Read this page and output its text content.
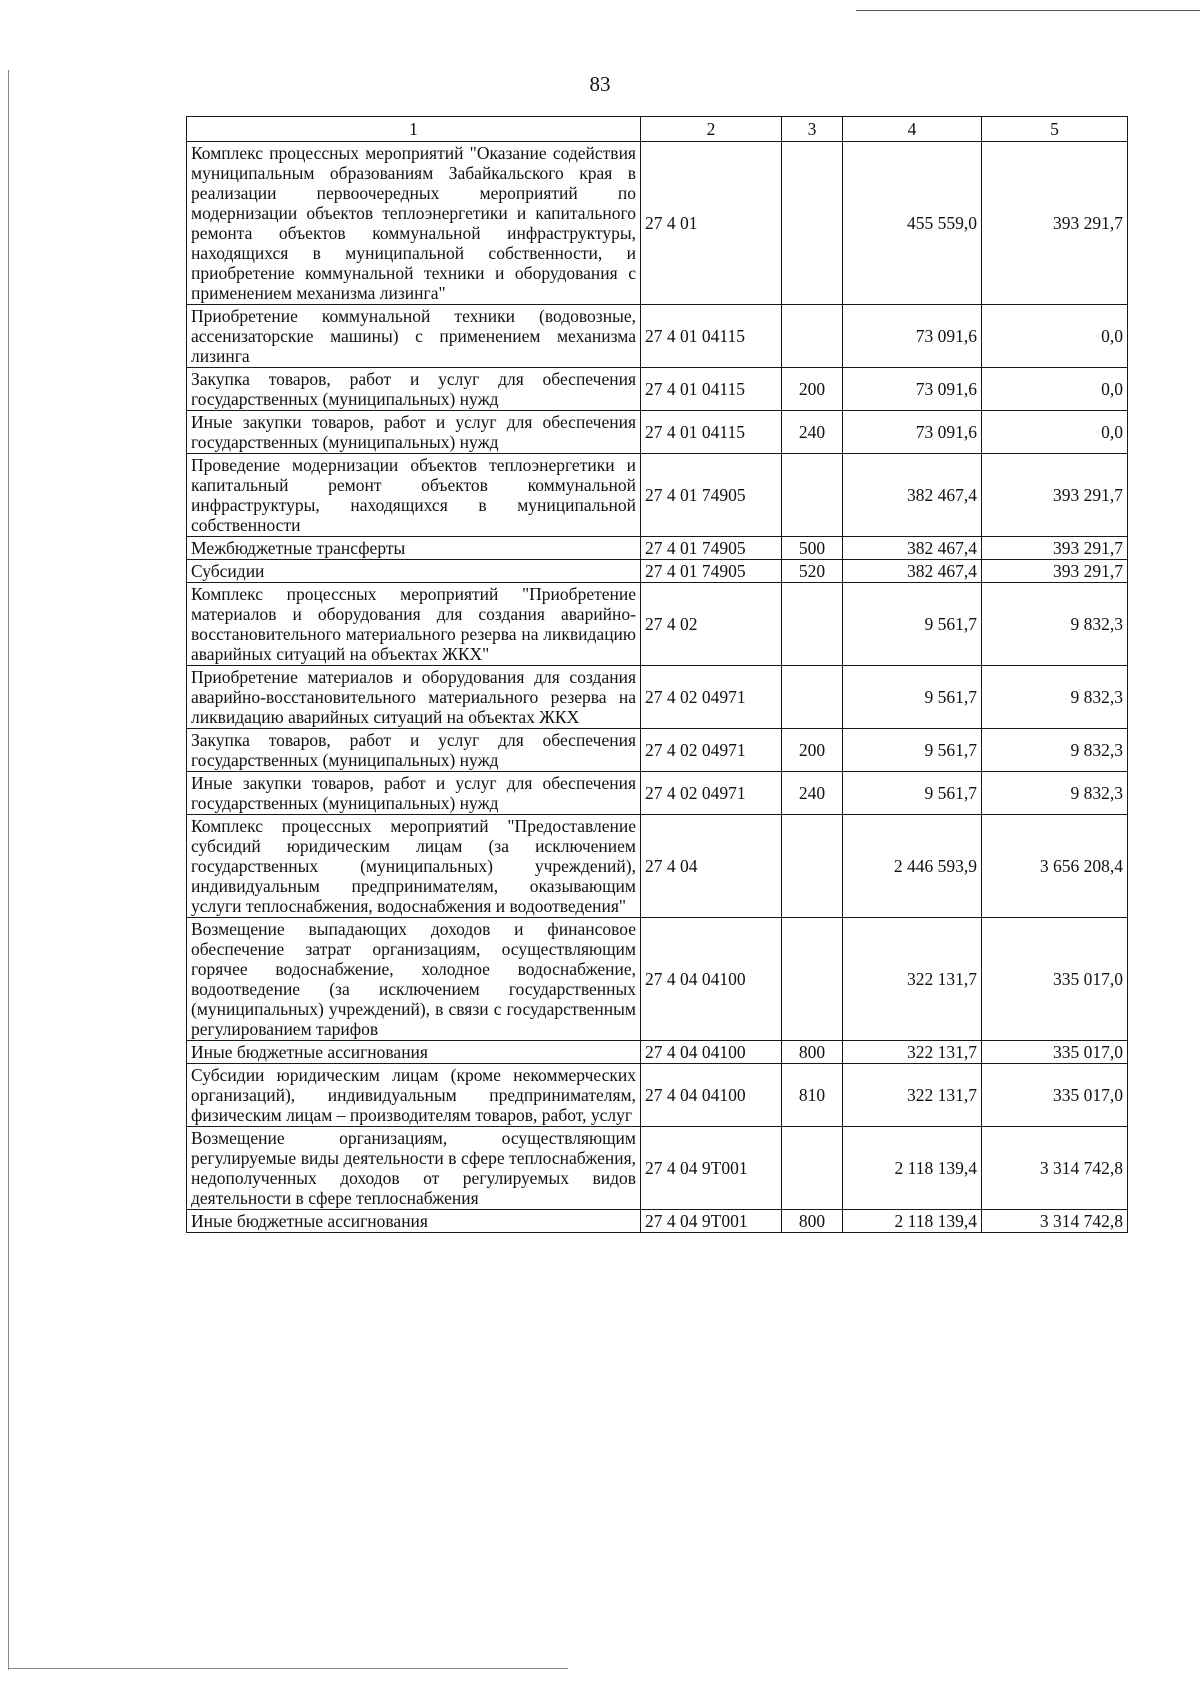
83
1	2	3	4	5
Комплекс процессных мероприятий "Оказание содействия муниципальным образованиям Забайкальского края в реализации первоочередных мероприятий по модернизации объектов теплоэнергетики и капитального ремонта объектов коммунальной инфраструктуры, находящихся в муниципальной собственности, и приобретение коммунальной техники и оборудования с применением механизма лизинга"	27 4 01		455 559,0	393 291,7
Приобретение коммунальной техники (водовозные, ассенизаторские машины) с применением механизма лизинга	27 4 01 04115		73 091,6	0,0
Закупка товаров, работ и услуг для обеспечения государственных (муниципальных) нужд	27 4 01 04115	200	73 091,6	0,0
Иные закупки товаров, работ и услуг для обеспечения государственных (муниципальных) нужд	27 4 01 04115	240	73 091,6	0,0
Проведение модернизации объектов теплоэнергетики и капитальный ремонт объектов коммунальной инфраструктуры, находящихся в муниципальной собственности	27 4 01 74905		382 467,4	393 291,7
Межбюджетные трансферты	27 4 01 74905	500	382 467,4	393 291,7
Субсидии	27 4 01 74905	520	382 467,4	393 291,7
Комплекс процессных мероприятий "Приобретение материалов и оборудования для создания аварийно-восстановительного материального резерва на ликвидацию аварийных ситуаций на объектах ЖКХ"	27 4 02		9 561,7	9 832,3
Приобретение материалов и оборудования для создания аварийно-восстановительного материального резерва на ликвидацию аварийных ситуаций на объектах ЖКХ	27 4 02 04971		9 561,7	9 832,3
Закупка товаров, работ и услуг для обеспечения государственных (муниципальных) нужд	27 4 02 04971	200	9 561,7	9 832,3
Иные закупки товаров, работ и услуг для обеспечения государственных (муниципальных) нужд	27 4 02 04971	240	9 561,7	9 832,3
Комплекс процессных мероприятий "Предоставление субсидий юридическим лицам (за исключением государственных (муниципальных) учреждений), индивидуальным предпринимателям, оказывающим услуги теплоснабжения, водоснабжения и водоотведения"	27 4 04		2 446 593,9	3 656 208,4
Возмещение выпадающих доходов и финансовое обеспечение затрат организациям, осуществляющим горячее водоснабжение, холодное водоснабжение, водоотведение (за исключением государственных (муниципальных) учреждений), в связи с государственным регулированием тарифов	27 4 04 04100		322 131,7	335 017,0
Иные бюджетные ассигнования	27 4 04 04100	800	322 131,7	335 017,0
Субсидии юридическим лицам (кроме некоммерческих организаций), индивидуальным предпринимателям, физическим лицам – производителям товаров, работ, услуг	27 4 04 04100	810	322 131,7	335 017,0
Возмещение организациям, осуществляющим регулируемые виды деятельности в сфере теплоснабжения, недополученных доходов от регулируемых видов деятельности в сфере теплоснабжения	27 4 04 9Т001		2 118 139,4	3 314 742,8
Иные бюджетные ассигнования	27 4 04 9Т001	800	2 118 139,4	3 314 742,8
